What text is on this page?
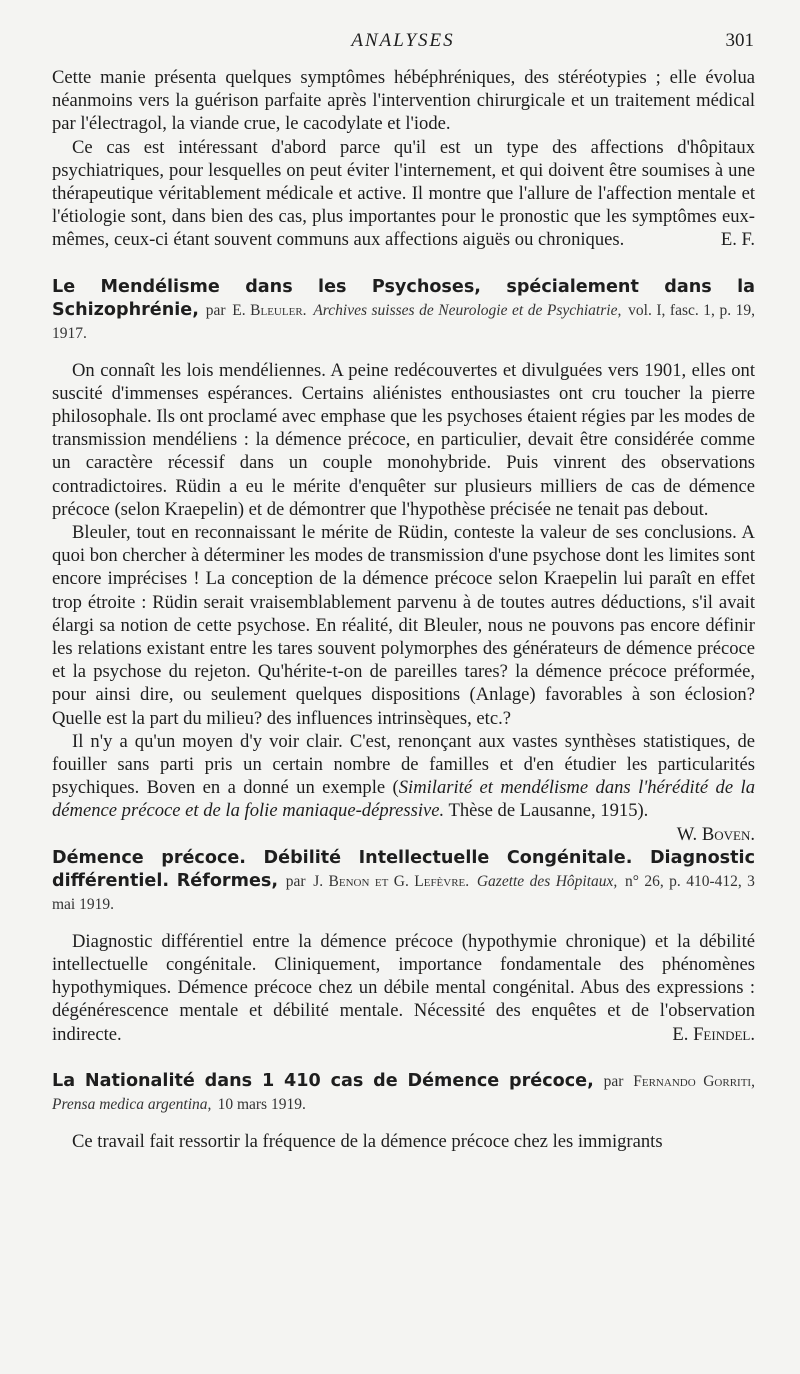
ANALYSES	301

Cette manie présenta quelques symptômes hébéphréniques, des stéréotypies ; elle évolua néanmoins vers la guérison parfaite après l'intervention chirurgicale et un traitement médical par l'électragol, la viande crue, le cacodylate et l'iode.

Ce cas est intéressant d'abord parce qu'il est un type des affections d'hôpitaux psychiatriques, pour lesquelles on peut éviter l'internement, et qui doivent être soumises à une thérapeutique véritablement médicale et active. Il montre que l'allure de l'affection mentale et l'étiologie sont, dans bien des cas, plus importantes pour le pronostic que les symptômes eux-mêmes, ceux-ci étant souvent communs aux affections aiguës ou chroniques.	E. F.

Le Mendélisme dans les Psychoses, spécialement dans la Schizophrénie, par E. Bleuler. Archives suisses de Neurologie et de Psychiatrie, vol. I, fasc. 1, p. 19, 1917.

On connaît les lois mendéliennes. A peine redécouvertes et divulguées vers 1901, elles ont suscité d'immenses espérances. Certains aliénistes enthousiastes ont cru toucher la pierre philosophale. Ils ont proclamé avec emphase que les psychoses étaient régies par les modes de transmission mendéliens : la démence précoce, en particulier, devait être considérée comme un caractère récessif dans un couple monohybride. Puis vinrent des observations contradictoires. Rüdin a eu le mérite d'enquêter sur plusieurs milliers de cas de démence précoce (selon Kraepelin) et de démontrer que l'hypothèse précisée ne tenait pas debout.

Bleuler, tout en reconnaissant le mérite de Rüdin, conteste la valeur de ses conclusions. A quoi bon chercher à déterminer les modes de transmission d'une psychose dont les limites sont encore imprécises ! La conception de la démence précoce selon Kraepelin lui paraît en effet trop étroite : Rüdin serait vraisemblablement parvenu à de toutes autres déductions, s'il avait élargi sa notion de cette psychose. En réalité, dit Bleuler, nous ne pouvons pas encore définir les relations existant entre les tares souvent polymorphes des générateurs de démence précoce et la psychose du rejeton. Qu'hérite-t-on de pareilles tares? la démence précoce préformée, pour ainsi dire, ou seulement quelques dispositions (Anlage) favorables à son éclosion? Quelle est la part du milieu? des influences intrinsèques, etc.?

Il n'y a qu'un moyen d'y voir clair. C'est, renonçant aux vastes synthèses statistiques, de fouiller sans parti pris un certain nombre de familles et d'en étudier les particularités psychiques. Boven en a donné un exemple (Similarité et mendélisme dans l'hérédité de la démence précoce et de la folie maniaque-dépressive. Thèse de Lausanne, 1915).
W. Boven.

Démence précoce. Débilité Intellectuelle Congénitale. Diagnostic différentiel. Réformes, par J. Benon et G. Lefèvre. Gazette des Hôpitaux, n° 26, p. 410-412, 3 mai 1919.

Diagnostic différentiel entre la démence précoce (hypothymie chronique) et la débilité intellectuelle congénitale. Cliniquement, importance fondamentale des phénomènes hypothymiques. Démence précoce chez un débile mental congénital. Abus des expressions : dégénérescence mentale et débilité mentale. Nécessité des enquêtes et de l'observation indirecte.	E. Feindel.

La Nationalité dans 1 410 cas de Démence précoce, par Fernando Gorriti, Prensa medica argentina, 10 mars 1919.

Ce travail fait ressortir la fréquence de la démence précoce chez les immigrants
